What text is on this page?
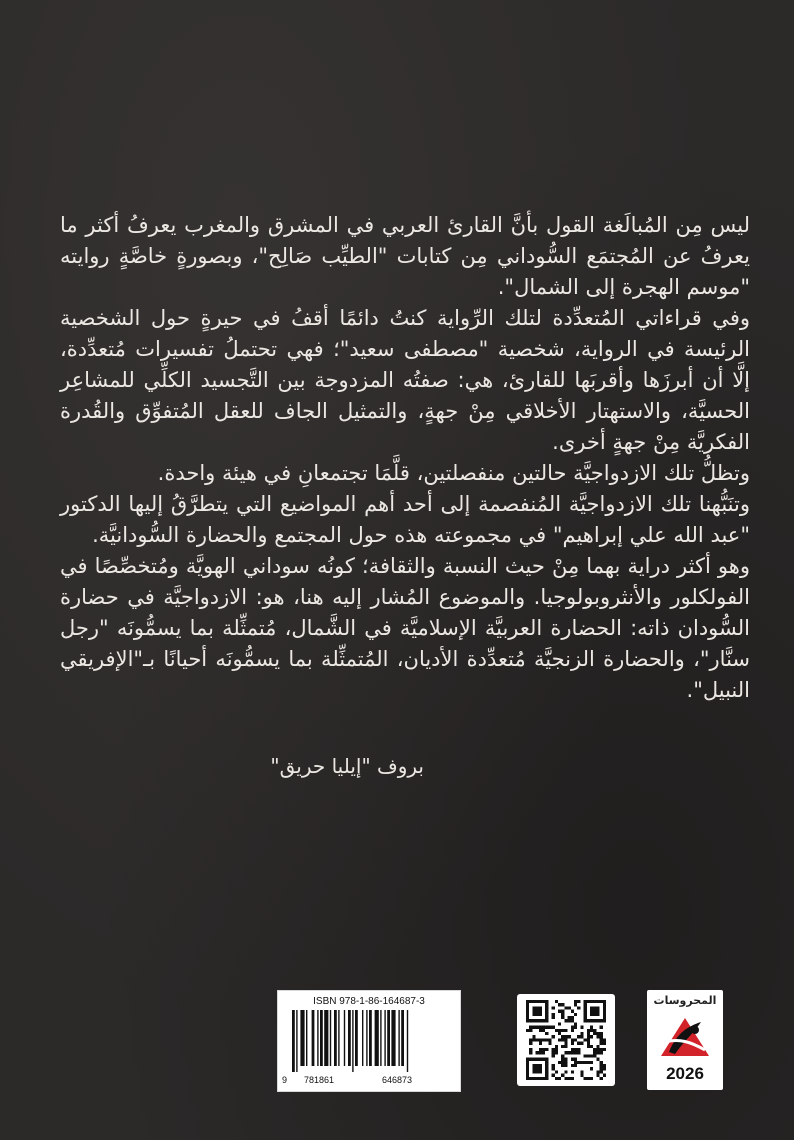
ليس مِن المُبالَغة القول بأنَّ القارئ العربي في المشرق والمغرب يعرفُ أكثر ما يعرفُ عن المُجتمَع السُّوداني مِن كتابات "الطيِّب صَالِح"، وبصورةٍ خاصَّةٍ روايته "موسم الهجرة إلى الشمال".

وفي قراءاتي المُتعدِّدة لتلك الرِّواية كنتُ دائمًا أقفُ في حيرةٍ حول الشخصية الرئيسة في الرواية، شخصية "مصطفى سعيد"؛ فهي تحتملُ تفسيرات مُتعدِّدة، إلَّا أن أبرزَها وأقربَها للقارئ، هي: صفتُه المزدوجة بين التَّجسيد الكلِّي للمشاعِر الحسيَّة، والاستهتار الأخلاقي مِنْ جهةٍ، والتمثيل الجاف للعقل المُتفوِّق والقُدرة الفكريَّة مِنْ جهةٍ أخرى.

وتظلُّ تلك الازدواجيَّة حالتين منفصلتين، قلَّمَا تجتمعانِ في هيئة واحدة.

وتنَبُّهنا تلك الازدواجيَّة المُنفصمة إلى أحد أهم المواضيع التي يتطرَّقُ إليها الدكتور "عبد الله علي إبراهيم" في مجموعته هذه حول المجتمع والحضارة السُّودانيَّة.

وهو أكثر دراية بهما مِنْ حيث النسبة والثقافة؛ كونُه سوداني الهويَّة ومُتخصِّصًا في الفولكلور والأنثروبولوجيا. والموضوع المُشار إليه هنا، هو: الازدواجيَّة في حضارة السُّودان ذاته: الحضارة العربيَّة الإسلاميَّة في الشَّمال، مُتمثِّلة بما يسمُّونَه "رجل سنَّار"، والحضارة الزنجيَّة مُتعدِّدة الأديان، المُتمثِّلة بما يسمُّونَه أحيانًا بـ"الإفريقي النبيل".

بروف "إيليا حريق"
ISBN 978-1-86-164687-3
9 781861	646873
المحروسات
2026
